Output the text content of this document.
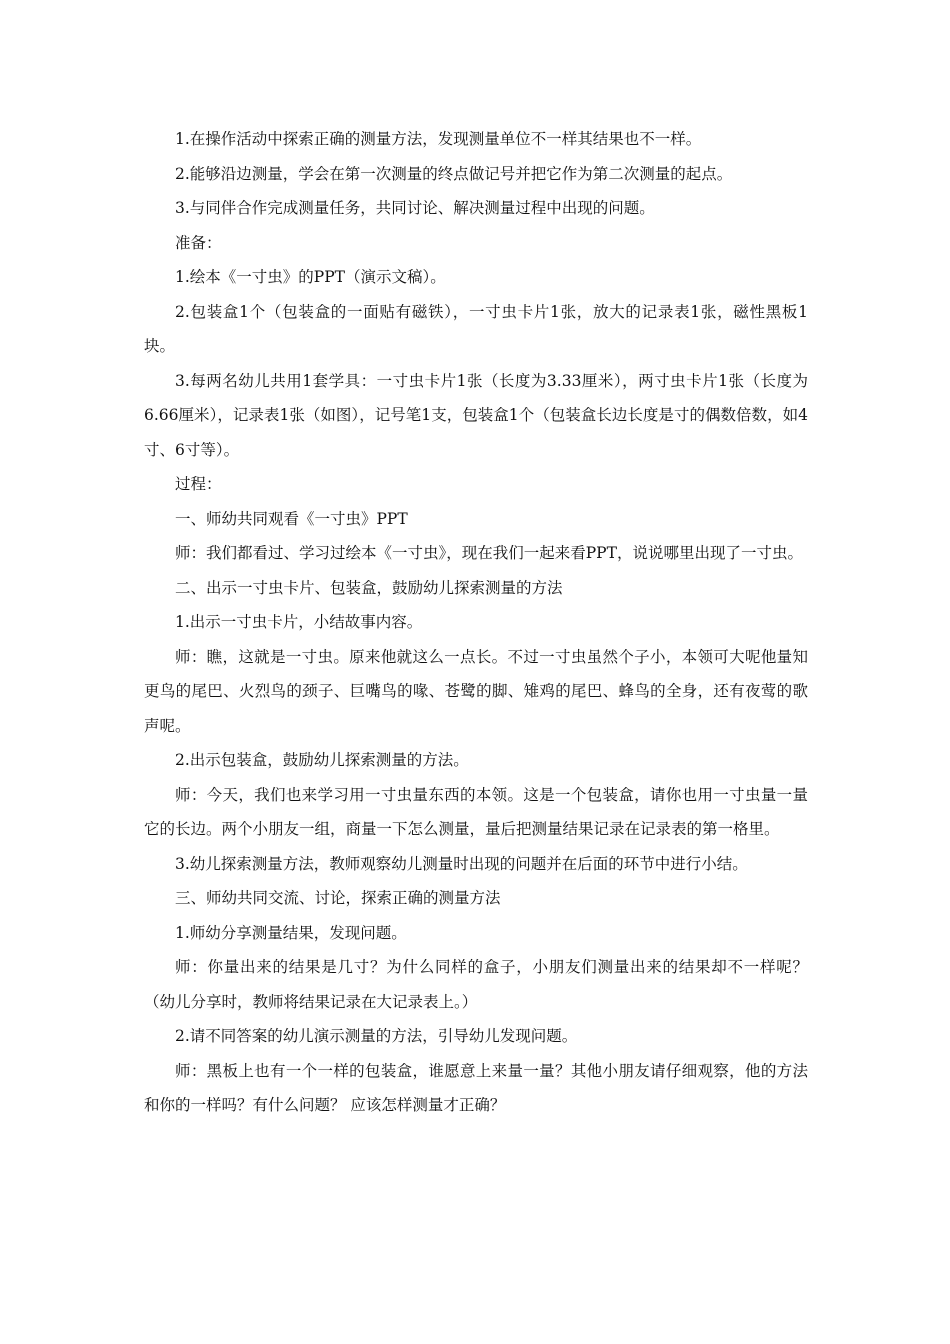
1.在操作活动中探索正确的测量方法，发现测量单位不一样其结果也不一样。

2.能够沿边测量，学会在第一次测量的终点做记号并把它作为第二次测量的起点。

3.与同伴合作完成测量任务，共同讨论、解决测量过程中出现的问题。

准备：

1.绘本《一寸虫》的PPT（演示文稿）。

2.包装盒1个（包装盒的一面贴有磁铁），一寸虫卡片1张，放大的记录表1张，磁性黑板1块。

3.每两名幼儿共用1套学具：一寸虫卡片1张（长度为3.33厘米），两寸虫卡片1张（长度为6.66厘米），记录表1张（如图），记号笔1支，包装盒1个（包装盒长边长度是寸的偶数倍数，如4寸、6寸等）。

过程：

一、师幼共同观看《一寸虫》PPT

师：我们都看过、学习过绘本《一寸虫》，现在我们一起来看PPT，说说哪里出现了一寸虫。

二、出示一寸虫卡片、包装盒，鼓励幼儿探索测量的方法

1.出示一寸虫卡片，小结故事内容。

师：瞧，这就是一寸虫。原来他就这么一点长。不过一寸虫虽然个子小，本领可大呢他量知更鸟的尾巴、火烈鸟的颈子、巨嘴鸟的喙、苍鹭的脚、雉鸡的尾巴、蜂鸟的全身，还有夜莺的歌声呢。

2.出示包装盒，鼓励幼儿探索测量的方法。

师：今天，我们也来学习用一寸虫量东西的本领。这是一个包装盒，请你也用一寸虫量一量它的长边。两个小朋友一组，商量一下怎么测量，量后把测量结果记录在记录表的第一格里。

3.幼儿探索测量方法，教师观察幼儿测量时出现的问题并在后面的环节中进行小结。

三、师幼共同交流、讨论，探索正确的测量方法

1.师幼分享测量结果，发现问题。

师：你量出来的结果是几寸？为什么同样的盒子，小朋友们测量出来的结果却不一样呢？（幼儿分享时，教师将结果记录在大记录表上。）

2.请不同答案的幼儿演示测量的方法，引导幼儿发现问题。

师：黑板上也有一个一样的包装盒，谁愿意上来量一量？其他小朋友请仔细观察，他的方法和你的一样吗？有什么问题？ 应该怎样测量才正确？
